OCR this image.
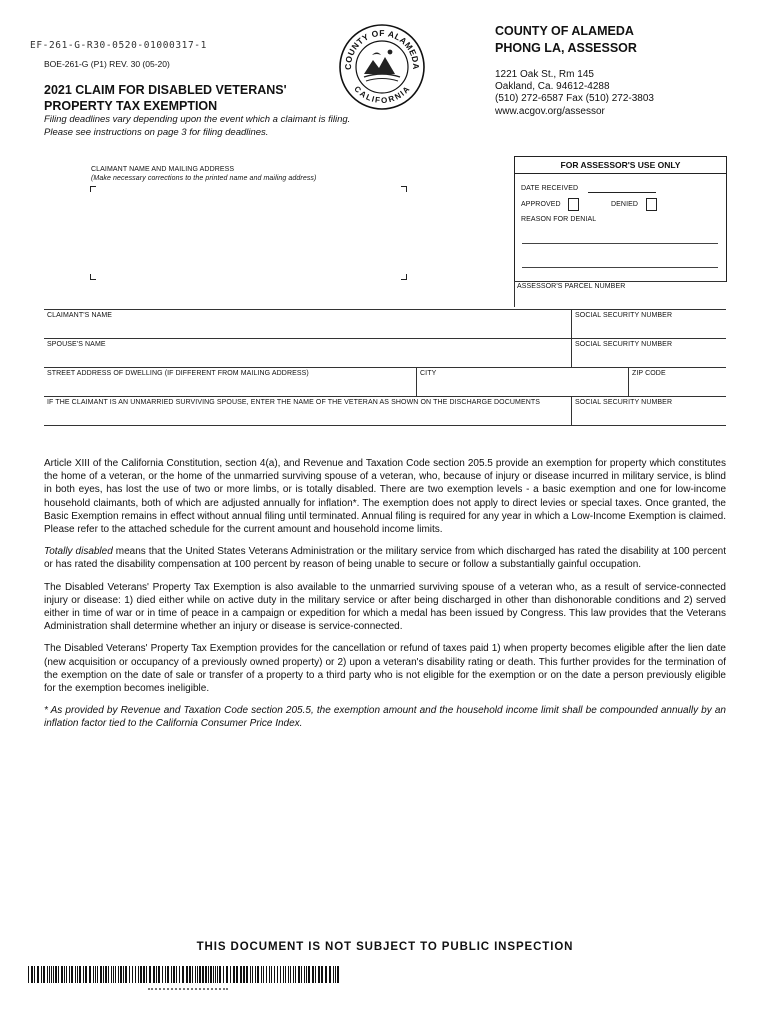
EF-261-G-R30-0520-01000317-1
BOE-261-G (P1) REV. 30 (05-20)
2021 CLAIM FOR DISABLED VETERANS'
PROPERTY TAX EXEMPTION
Filing deadlines vary depending upon the event which a claimant is filing.
Please see instructions on page 3 for filing deadlines.
COUNTY OF ALAMEDA
CALIFORNIA
COUNTY OF ALAMEDA
PHONG LA, ASSESSOR
1221 Oak St., Rm 145
Oakland, Ca. 94612-4288
(510) 272-6587 Fax (510) 272-3803
www.acgov.org/assessor
CLAIMANT NAME AND MAILING ADDRESS
(Make necessary corrections to the printed name and mailing address)
FOR ASSESSOR'S USE ONLY
DATE RECEIVED
APPROVED	DENIED
REASON FOR DENIAL
ASSESSOR'S PARCEL NUMBER
CLAIMANT'S NAME	SOCIAL SECURITY NUMBER
SPOUSE'S NAME	SOCIAL SECURITY NUMBER
STREET ADDRESS OF DWELLING (IF DIFFERENT FROM MAILING ADDRESS)	CITY	ZIP CODE
IF THE CLAIMANT IS AN UNMARRIED SURVIVING SPOUSE, ENTER THE NAME OF THE VETERAN AS SHOWN ON THE DISCHARGE DOCUMENTS	SOCIAL SECURITY NUMBER

Article XIII of the California Constitution, section 4(a), and Revenue and Taxation Code section 205.5 provide an exemption for property which constitutes the home of a veteran, or the home of the unmarried surviving spouse of a veteran, who, because of injury or disease incurred in military service, is blind in both eyes, has lost the use of two or more limbs, or is totally disabled. There are two exemption levels - a basic exemption and one for low-income household claimants, both of which are adjusted annually for inflation*. The exemption does not apply to direct levies or special taxes. Once granted, the Basic Exemption remains in effect without annual filing until terminated. Annual filing is required for any year in which a Low-Income Exemption is claimed. Please refer to the attached schedule for the current amount and household income limits.

Totally disabled means that the United States Veterans Administration or the military service from which discharged has rated the disability at 100 percent or has rated the disability compensation at 100 percent by reason of being unable to secure or follow a substantially gainful occupation.

The Disabled Veterans' Property Tax Exemption is also available to the unmarried surviving spouse of a veteran who, as a result of service-connected injury or disease: 1) died either while on active duty in the military service or after being discharged in other than dishonorable conditions and 2) served either in time of war or in time of peace in a campaign or expedition for which a medal has been issued by Congress. This law provides that the Veterans Administration shall determine whether an injury or disease is service-connected.

The Disabled Veterans' Property Tax Exemption provides for the cancellation or refund of taxes paid 1) when property becomes eligible after the lien date (new acquisition or occupancy of a previously owned property) or 2) upon a veteran's disability rating or death. This further provides for the termination of the exemption on the date of sale or transfer of a property to a third party who is not eligible for the exemption or on the date a person previously eligible for the exemption becomes ineligible.

* As provided by Revenue and Taxation Code section 205.5, the exemption amount and the household income limit shall be compounded annually by an inflation factor tied to the California Consumer Price Index.

THIS DOCUMENT IS NOT SUBJECT TO PUBLIC INSPECTION
